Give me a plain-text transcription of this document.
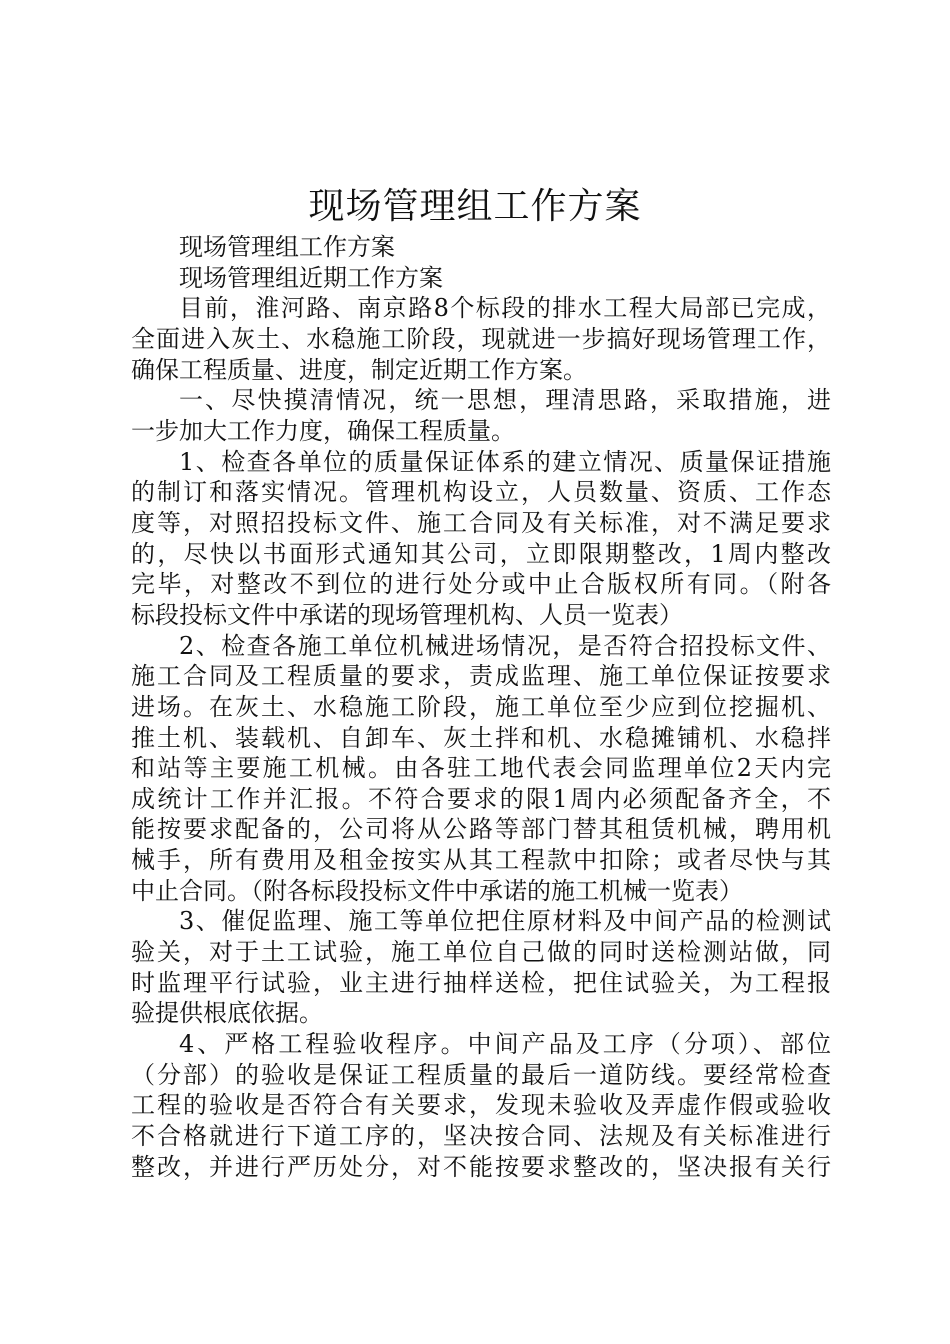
现场管理组工作方案
现场管理组工作方案
现场管理组近期工作方案
目前，淮河路、南京路8个标段的排水工程大局部已完成，
全面进入灰土、水稳施工阶段，现就进一步搞好现场管理工作，
确保工程质量、进度，制定近期工作方案。
一、尽快摸清情况，统一思想，理清思路，采取措施，进
一步加大工作力度，确保工程质量。
1、检查各单位的质量保证体系的建立情况、质量保证措施
的制订和落实情况。管理机构设立，人员数量、资质、工作态
度等，对照招投标文件、施工合同及有关标准，对不满足要求
的，尽快以书面形式通知其公司，立即限期整改，1周内整改
完毕，对整改不到位的进行处分或中止合版权所有同。（附各
标段投标文件中承诺的现场管理机构、人员一览表）
2、检查各施工单位机械进场情况，是否符合招投标文件、
施工合同及工程质量的要求，责成监理、施工单位保证按要求
进场。在灰土、水稳施工阶段，施工单位至少应到位挖掘机、
推土机、装载机、自卸车、灰土拌和机、水稳摊铺机、水稳拌
和站等主要施工机械。由各驻工地代表会同监理单位2天内完
成统计工作并汇报。不符合要求的限1周内必须配备齐全，不
能按要求配备的，公司将从公路等部门替其租赁机械，聘用机
械手，所有费用及租金按实从其工程款中扣除；或者尽快与其
中止合同。（附各标段投标文件中承诺的施工机械一览表）
3、催促监理、施工等单位把住原材料及中间产品的检测试
验关，对于土工试验，施工单位自己做的同时送检测站做，同
时监理平行试验，业主进行抽样送检，把住试验关，为工程报
验提供根底依据。
4、严格工程验收程序。中间产品及工序（分项）、部位
（分部）的验收是保证工程质量的最后一道防线。要经常检查
工程的验收是否符合有关要求，发现未验收及弄虚作假或验收
不合格就进行下道工序的，坚决按合同、法规及有关标准进行
整改，并进行严历处分，对不能按要求整改的，坚决报有关行
